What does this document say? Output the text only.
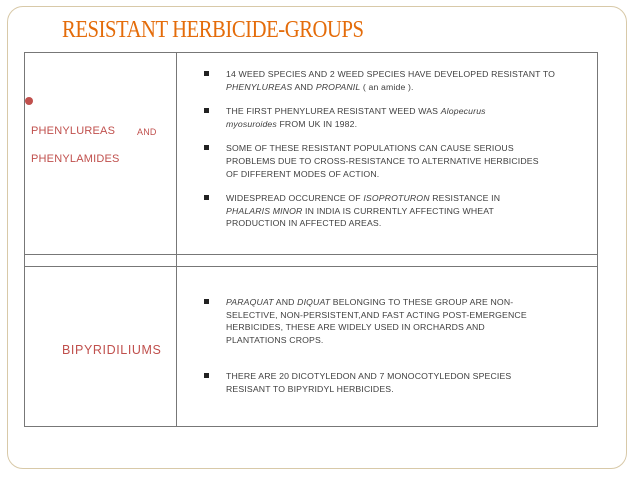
RESISTANT HERBICIDE-GROUPS
PHENYLUREAS AND
PHENYLAMIDES

14 WEED SPECIES AND 2 WEED SPECIES HAVE DEVELOPED RESISTANT TO

PHENYLUREAS AND PROPANIL ( an amide ).

THE FIRST PHENYLUREA RESISTANT WEED WAS Alopecurus

myosuroides FROM UK IN 1982.

SOME OF THESE RESISTANT POPULATIONS CAN CAUSE SERIOUS

PROBLEMS DUE TO CROSS-RESISTANCE TO ALTERNATIVE HERBICIDES

OF DIFFERENT MODES OF ACTION.

WIDESPREAD OCCURENCE OF ISOPROTURON RESISTANCE IN

PHALARIS MINOR IN INDIA IS CURRENTLY AFFECTING WHEAT

PRODUCTION IN AFFECTED AREAS.

BIPYRIDILIUMS

PARAQUAT AND DIQUAT BELONGING TO THESE GROUP ARE NON-

SELECTIVE, NON-PERSISTENT,AND FAST ACTING POST-EMERGENCE

HERBICIDES, THESE ARE WIDELY USED IN ORCHARDS AND

PLANTATIONS CROPS.

THERE ARE 20 DICOTYLEDON AND 7 MONOCOTYLEDON SPECIES

RESISANT TO BIPYRIDYL HERBICIDES.
